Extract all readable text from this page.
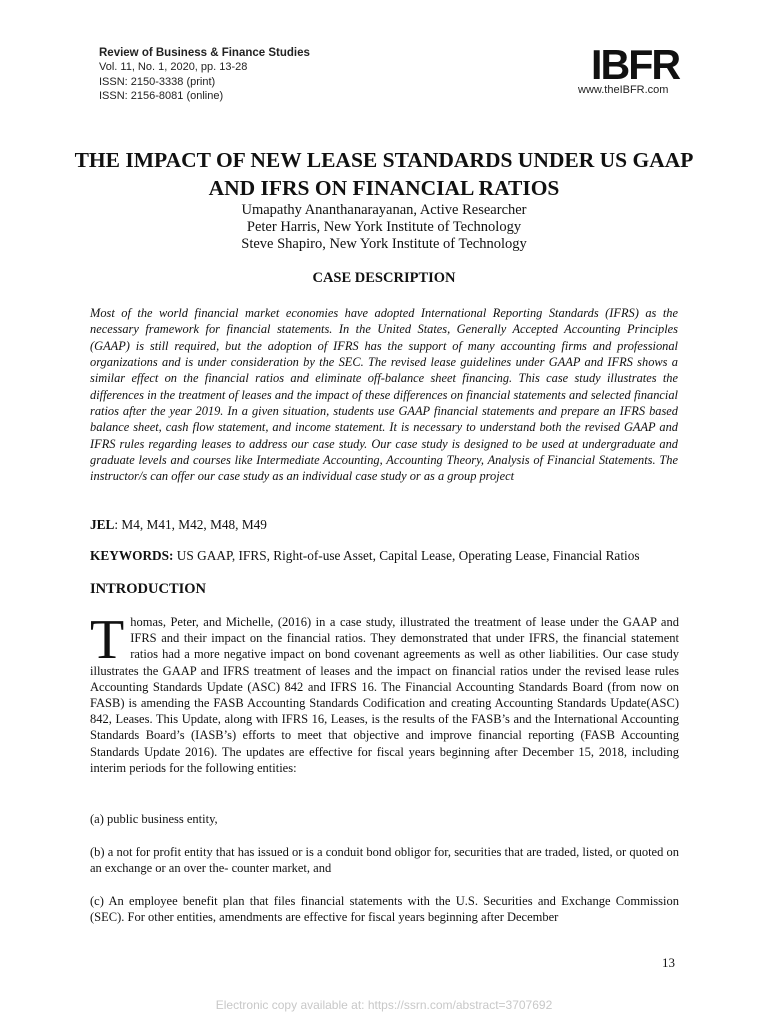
Review of Business & Finance Studies
Vol. 11, No. 1, 2020, pp. 13-28
ISSN: 2150-3338 (print)
ISSN: 2156-8081 (online)
IBFR
www.theIBFR.com
THE IMPACT OF NEW LEASE STANDARDS UNDER US GAAP AND IFRS ON FINANCIAL RATIOS
Umapathy Ananthanarayanan, Active Researcher
Peter Harris, New York Institute of Technology
Steve Shapiro, New York Institute of Technology
CASE DESCRIPTION

Most of the world financial market economies have adopted International Reporting Standards (IFRS) as the necessary framework for financial statements. In the United States, Generally Accepted Accounting Principles (GAAP) is still required, but the adoption of IFRS has the support of many accounting firms and professional organizations and is under consideration by the SEC. The revised lease guidelines under GAAP and IFRS shows a similar effect on the financial ratios and eliminate off-balance sheet financing. This case study illustrates the differences in the treatment of leases and the impact of these differences on financial statements and selected financial ratios after the year 2019. In a given situation, students use GAAP financial statements and prepare an IFRS based balance sheet, cash flow statement, and income statement. It is necessary to understand both the revised GAAP and IFRS rules regarding leases to address our case study. Our case study is designed to be used at undergraduate and graduate levels and courses like Intermediate Accounting, Accounting Theory, Analysis of Financial Statements. The instructor/s can offer our case study as an individual case study or as a group project

JEL: M4, M41, M42, M48, M49
KEYWORDS: US GAAP, IFRS, Right-of-use Asset, Capital Lease, Operating Lease, Financial Ratios
INTRODUCTION

Thomas, Peter, and Michelle, (2016) in a case study, illustrated the treatment of lease under the GAAP and IFRS and their impact on the financial ratios. They demonstrated that under IFRS, the financial statement ratios had a more negative impact on bond covenant agreements as well as other liabilities. Our case study illustrates the GAAP and IFRS treatment of leases and the impact on financial ratios under the revised lease rules Accounting Standards Update (ASC) 842 and IFRS 16. The Financial Accounting Standards Board (from now on FASB) is amending the FASB Accounting Standards Codification and creating Accounting Standards Update(ASC) 842, Leases. This Update, along with IFRS 16, Leases, is the results of the FASB’s and the International Accounting Standards Board’s (IASB’s) efforts to meet that objective and improve financial reporting (FASB Accounting Standards Update 2016). The updates are effective for fiscal years beginning after December 15, 2018, including interim periods for the following entities:

(a) public business entity,

(b) a not for profit entity that has issued or is a conduit bond obligor for, securities that are traded, listed, or quoted on an exchange or an over the- counter market, and

(c) An employee benefit plan that files financial statements with the U.S. Securities and Exchange Commission (SEC). For other entities, amendments are effective for fiscal years beginning after December

13
Electronic copy available at: https://ssrn.com/abstract=3707692
